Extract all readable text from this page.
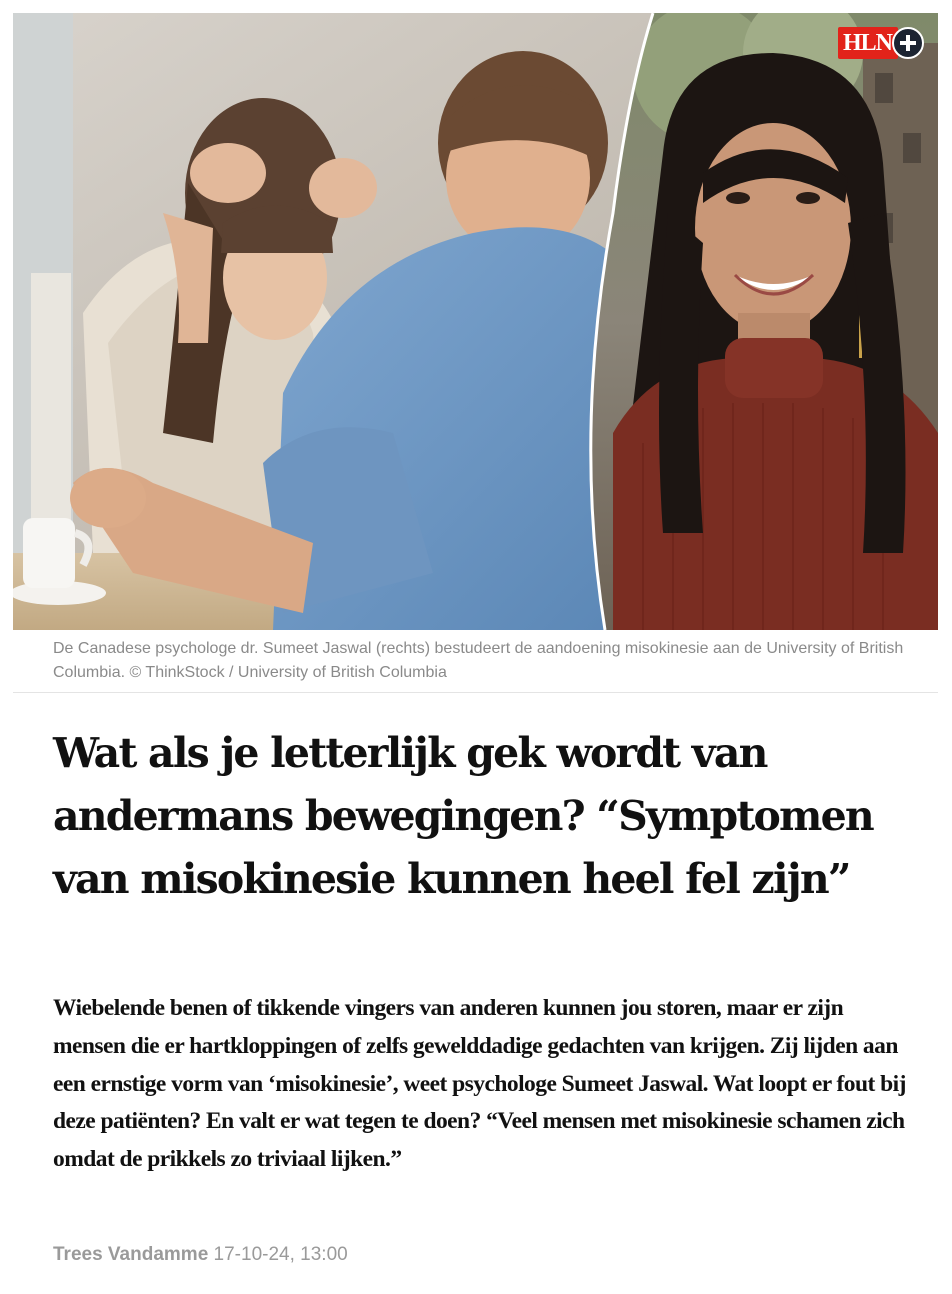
HLN

De Canadese psychologe dr. Sumeet Jaswal (rechts) bestudeert de aandoening misokinesie aan de University of British Columbia. © ThinkStock / University of British Columbia

Wat als je letterlijk gek wordt van andermans bewegingen? “Symptomen van misokinesie kunnen heel fel zijn”

Wiebelende benen of tikkende vingers van anderen kunnen jou storen, maar er zijn mensen die er hartkloppingen of zelfs gewelddadige gedachten van krijgen. Zij lijden aan een ernstige vorm van ‘misokinesie’, weet psychologe Sumeet Jaswal. Wat loopt er fout bij deze patiënten? En valt er wat tegen te doen? “Veel mensen met misokinesie schamen zich omdat de prikkels zo triviaal lijken.”

Trees Vandamme 17-10-24, 13:00
